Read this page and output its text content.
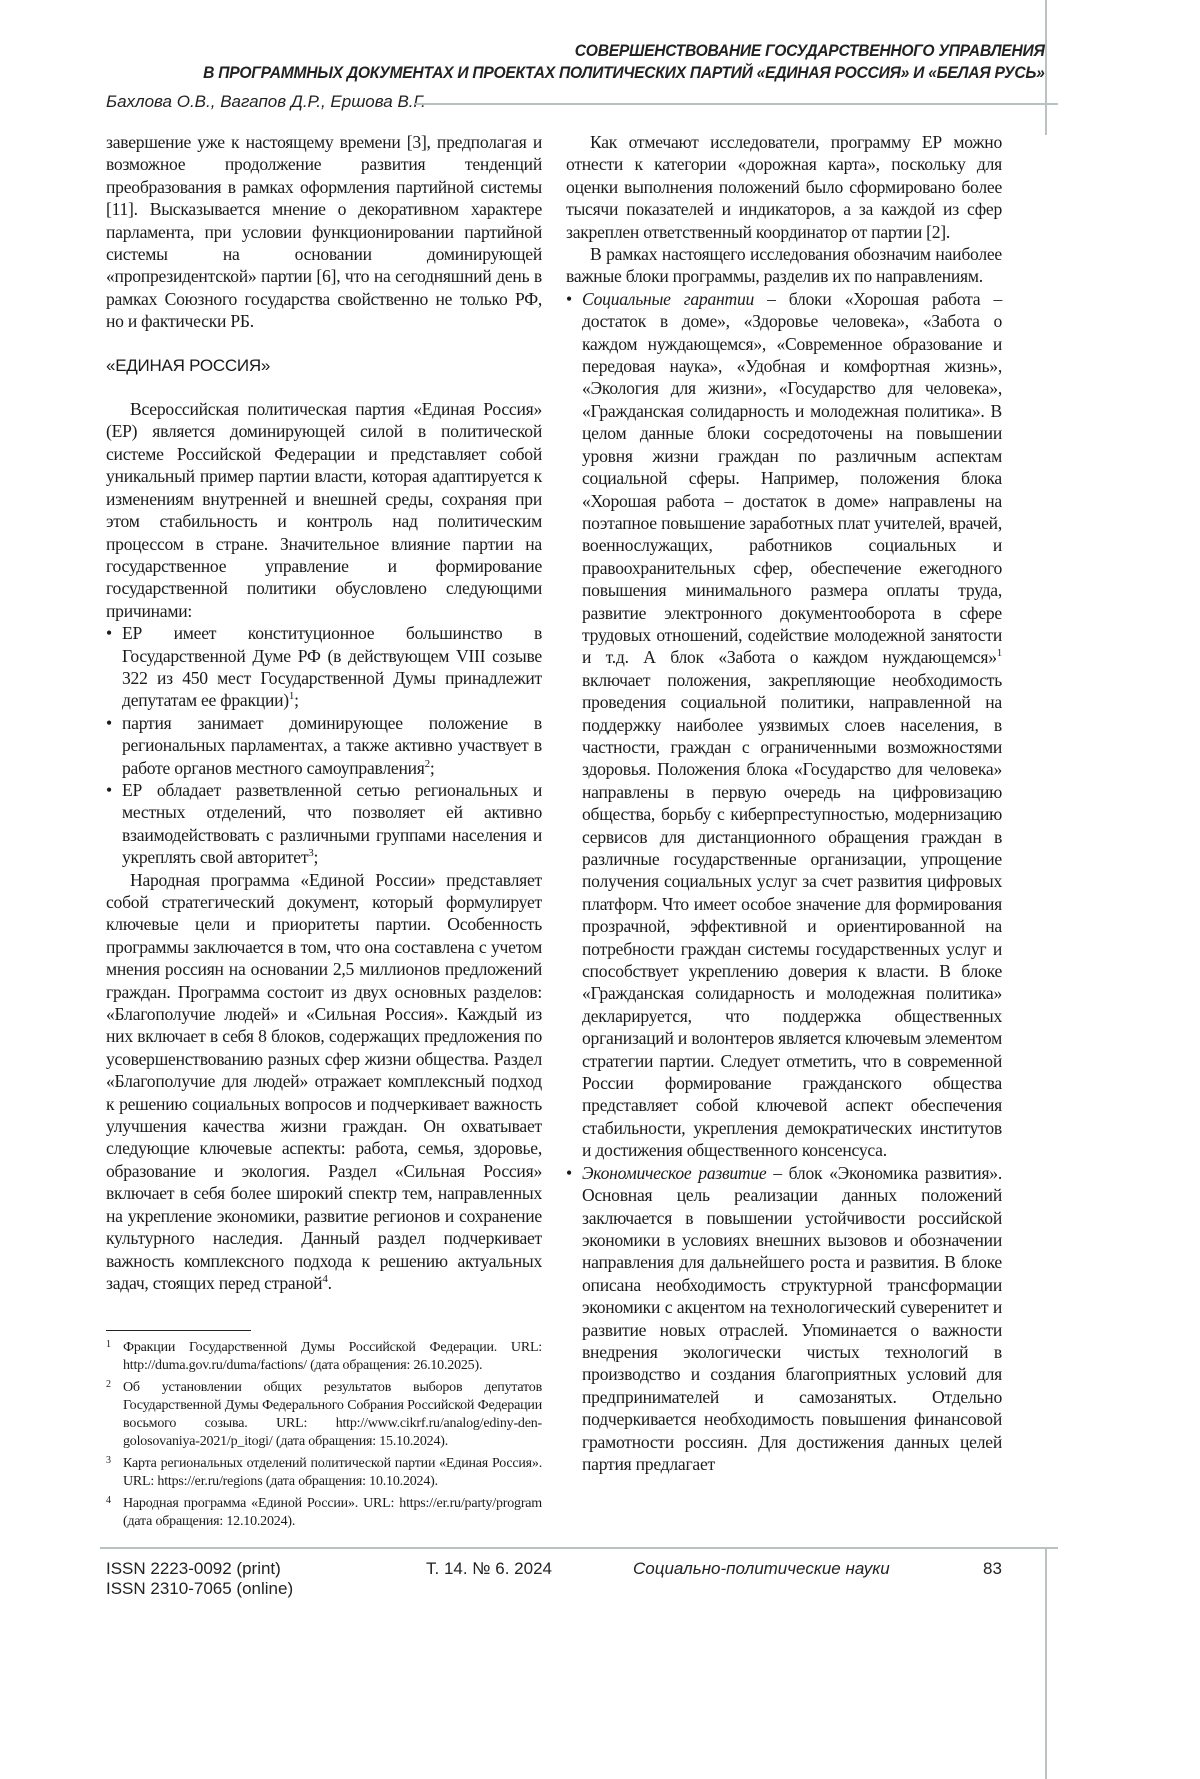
СОВЕРШЕНСТВОВАНИЕ ГОСУДАРСТВЕННОГО УПРАВЛЕНИЯ
В ПРОГРАММНЫХ ДОКУМЕНТАХ И ПРОЕКТАХ ПОЛИТИЧЕСКИХ ПАРТИЙ «ЕДИНАЯ РОССИЯ» И «БЕЛАЯ РУСЬ»
Бахлова О.В., Вагапов Д.Р., Ершова В.Г.

завершение уже к настоящему времени [3], предполагая и возможное продолжение развития тенденций преобразования в рамках оформления партийной системы [11]. Высказывается мнение о декоративном характере парламента, при условии функционировании партийной системы на основании доминирующей «пропрезидентской» партии [6], что на сегодняшний день в рамках Союзного государства свойственно не только РФ, но и фактически РБ.

«ЕДИНАЯ РОССИЯ»

Всероссийская политическая партия «Единая Россия» (ЕР) является доминирующей силой в политической системе Российской Федерации и представляет собой уникальный пример партии власти, которая адаптируется к изменениям внутренней и внешней среды, сохраняя при этом стабильность и контроль над политическим процессом в стране. Значительное влияние партии на государственное управление и формирование государственной политики обусловлено следующими причинами:

• ЕР имеет конституционное большинство в Государственной Думе РФ (в действующем VIII созыве 322 из 450 мест Государственной Думы принадлежит депутатам ее фракции)1;
• партия занимает доминирующее положение в региональных парламентах, а также активно участвует в работе органов местного самоуправления2;
• ЕР обладает разветвленной сетью региональных и местных отделений, что позволяет ей активно взаимодействовать с различными группами населения и укреплять свой авторитет3;

Народная программа «Единой России» представляет собой стратегический документ, который формулирует ключевые цели и приоритеты партии. Особенность программы заключается в том, что она составлена с учетом мнения россиян на основании 2,5 миллионов предложений граждан. Программа состоит из двух основных разделов: «Благополучие людей» и «Сильная Россия». Каждый из них включает в себя 8 блоков, содержащих предложения по усовершенствованию разных сфер жизни общества. Раздел «Благополучие для людей» отражает комплексный подход к решению социальных вопросов и подчеркивает важность улучшения качества жизни граждан. Он охватывает следующие ключевые аспекты: работа, семья, здоровье, образование и экология. Раздел «Сильная Россия» включает в себя более широкий спектр тем, направленных на укрепление экономики, развитие регионов и сохранение культурного наследия. Данный раздел подчеркивает важность комплексного подхода к решению актуальных задач, стоящих перед страной4.

1 Фракции Государственной Думы Российской Федерации. URL: http://duma.gov.ru/duma/factions/ (дата обращения: 26.10.2025).

2 Об установлении общих результатов выборов депутатов Государственной Думы Федерального Собрания Российской Федерации восьмого созыва. URL: http://www.cikrf.ru/analog/ediny-den-golosovaniya-2021/p_itogi/ (дата обращения: 15.10.2024).

3 Карта региональных отделений политической партии «Единая Россия». URL: https://er.ru/regions (дата обращения: 10.10.2024).

4 Народная программа «Единой России». URL: https://er.ru/party/program (дата обращения: 12.10.2024).

Как отмечают исследователи, программу ЕР можно отнести к категории «дорожная карта», поскольку для оценки выполнения положений было сформировано более тысячи показателей и индикаторов, а за каждой из сфер закреплен ответственный координатор от партии [2].

В рамках настоящего исследования обозначим наиболее важные блоки программы, разделив их по направлениям.

• Социальные гарантии – блоки «Хорошая работа – достаток в доме», «Здоровье человека», «Забота о каждом нуждающемся», «Современное образование и передовая наука», «Удобная и комфортная жизнь», «Экология для жизни», «Государство для человека», «Гражданская солидарность и молодежная политика». В целом данные блоки сосредоточены на повышении уровня жизни граждан по различным аспектам социальной сферы. Например, положения блока «Хорошая работа – достаток в доме» направлены на поэтапное повышение заработных плат учителей, врачей, военнослужащих, работников социальных и правоохранительных сфер, обеспечение ежегодного повышения минимального размера оплаты труда, развитие электронного документооборота в сфере трудовых отношений, содействие молодежной занятости и т.д. А блок «Забота о каждом нуждающемся»1 включает положения, закрепляющие необходимость проведения социальной политики, направленной на поддержку наиболее уязвимых слоев населения, в частности, граждан с ограниченными возможностями здоровья. Положения блока «Государство для человека» направлены в первую очередь на цифровизацию общества, борьбу с киберпреступностью, модернизацию сервисов для дистанционного обращения граждан в различные государственные организации, упрощение получения социальных услуг за счет развития цифровых платформ. Что имеет особое значение для формирования прозрачной, эффективной и ориентированной на потребности граждан системы государственных услуг и способствует укреплению доверия к власти. В блоке «Гражданская солидарность и молодежная политика» декларируется, что поддержка общественных организаций и волонтеров является ключевым элементом стратегии партии. Следует отметить, что в современной России формирование гражданского общества представляет собой ключевой аспект обеспечения стабильности, укрепления демократических институтов и достижения общественного консенсуса.
• Экономическое развитие – блок «Экономика развития». Основная цель реализации данных положений заключается в повышении устойчивости российской экономики в условиях внешних вызовов и обозначении направления для дальнейшего роста и развития. В блоке описана необходимость структурной трансформации экономики с акцентом на технологический суверенитет и развитие новых отраслей. Упоминается о важности внедрения экологически чистых технологий в производство и создания благоприятных условий для предпринимателей и самозанятых. Отдельно подчеркивается необходимость повышения финансовой грамотности россиян. Для достижения данных целей партия предлагает
ISSN 2223-0092 (print)
ISSN 2310-7065 (online)
Т. 14. № 6. 2024	Социально-политические науки	83
